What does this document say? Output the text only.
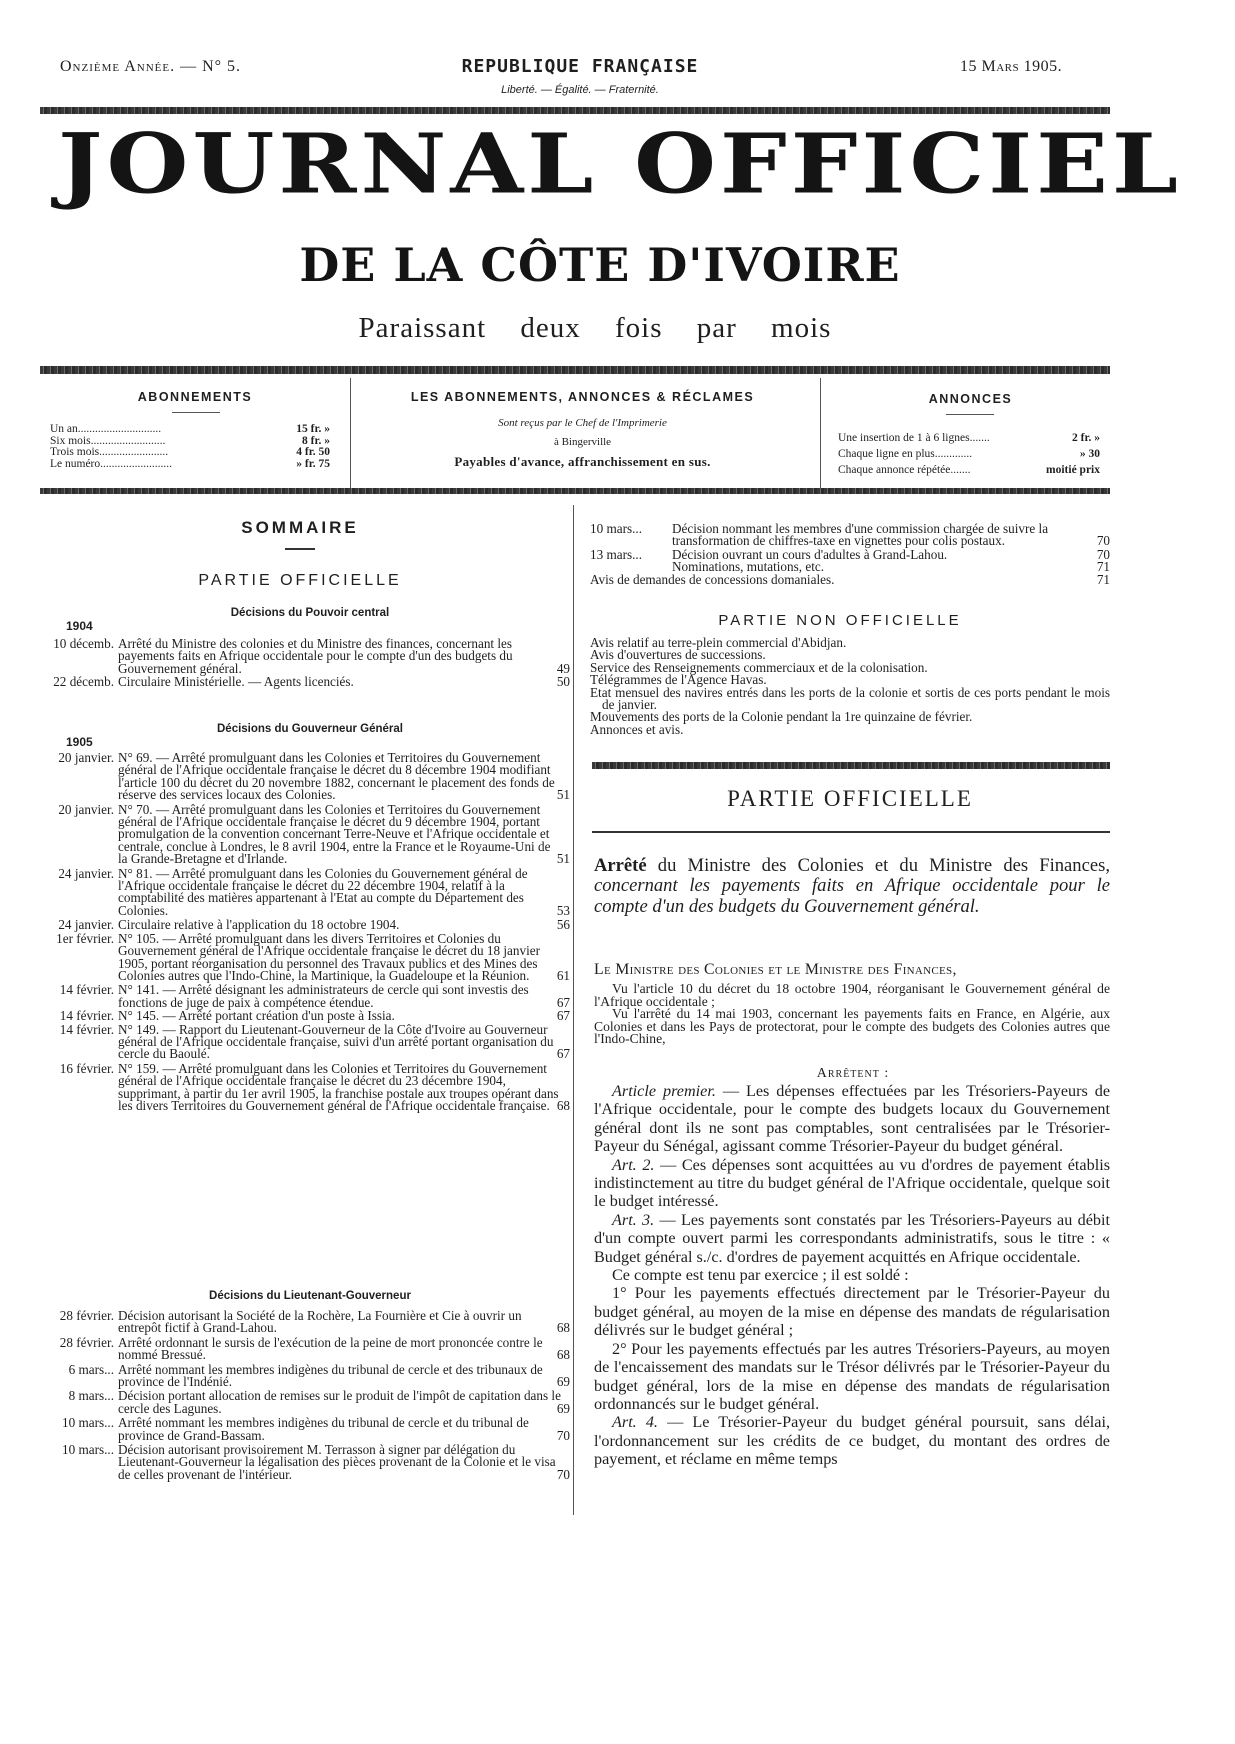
Onzième Année. — N° 5.	REPUBLIQUE FRANÇAISE
Liberté. — Égalité. — Fraternité.
15 Mars 1905.
JOURNAL OFFICIEL
DE LA CÔTE D'IVOIRE
Paraissant deux fois par mois
ABONNEMENTS
Un an.............................	15 fr. »
Six mois..........................	8 fr. »
Trois mois........................	4 fr. 50
Le numéro.........................	» fr. 75
LES ABONNEMENTS, ANNONCES & RÉCLAMES
Sont reçus par le Chef de l'Imprimerie
à Bingerville
Payables d'avance, affranchissement en sus.
ANNONCES
Une insertion de 1 à 6 lignes.......	2 fr. »
Chaque ligne en plus.............	» 30
Chaque annonce répétée.......	moitié prix
SOMMAIRE
PARTIE OFFICIELLE
Décisions du Pouvoir central
1904
10 décemb. Arrêté du Ministre des colonies et du Ministre des finances, concernant les payements faits en Afrique occidentale pour le compte d'un des budgets du Gouvernement général.	49
22 décemb. Circulaire Ministérielle. — Agents licenciés.	50
Décisions du Gouverneur Général
1905
20 janvier. N° 69. — Arrêté promulguant dans les Colonies et Territoires du Gouvernement général de l'Afrique occidentale française le décret du 8 décembre 1904 modifiant l'article 100 du décret du 20 novembre 1882, concernant le placement des fonds de réserve des services locaux des Colonies.	51
20 janvier. N° 70. — Arrêté promulguant dans les Colonies et Territoires du Gouvernement général de l'Afrique occidentale française le décret du 9 décembre 1904, portant promulgation de la convention concernant Terre-Neuve et l'Afrique occidentale et centrale, conclue à Londres, le 8 avril 1904, entre la France et le Royaume-Uni de la Grande-Bretagne et d'Irlande.	51
24 janvier. N° 81. — Arrêté promulguant dans les Colonies du Gouvernement général de l'Afrique occidentale française le décret du 22 décembre 1904, relatif à la comptabilité des matières appartenant à l'Etat au compte du Département des Colonies.	53
24 janvier. Circulaire relative à l'application du 18 octobre 1904.	56
1er février. N° 105. — Arrêté promulguant dans les divers Territoires et Colonies du Gouvernement général de l'Afrique occidentale française le décret du 18 janvier 1905, portant réorganisation du personnel des Travaux publics et des Mines des Colonies autres que l'Indo-Chine, la Martinique, la Guadeloupe et la Réunion.	61
14 février. N° 141. — Arrêté désignant les administrateurs de cercle qui sont investis des fonctions de juge de paix à compétence étendue.	67
14 février. N° 145. — Arrêté portant création d'un poste à Issia.	67
14 février. N° 149. — Rapport du Lieutenant-Gouverneur de la Côte d'Ivoire au Gouverneur général de l'Afrique occidentale française, suivi d'un arrêté portant organisation du cercle du Baoulé.	67
16 février. N° 159. — Arrêté promulguant dans les Colonies et Territoires du Gouvernement général de l'Afrique occidentale française le décret du 23 décembre 1904, supprimant, à partir du 1er avril 1905, la franchise postale aux troupes opérant dans les divers Territoires du Gouvernement général de l'Afrique occidentale française. 68
Décisions du Lieutenant-Gouverneur
28 février. Décision autorisant la Société de la Rochère, La Fournière et Cie à ouvrir un entrepôt fictif à Grand-Lahou.	68
28 février. Arrêté ordonnant le sursis de l'exécution de la peine de mort prononcée contre le nommé Bressué.	68
6 mars... Arrêté nommant les membres indigènes du tribunal de cercle et des tribunaux de province de l'Indénié.	69
8 mars... Décision portant allocation de remises sur le produit de l'impôt de capitation dans le cercle des Lagunes.	69
10 mars... Arrêté nommant les membres indigènes du tribunal de cercle et du tribunal de province de Grand-Bassam.	70
10 mars... Décision autorisant provisoirement M. Terrasson à signer par délégation du Lieutenant-Gouverneur la légalisation des pièces provenant de la Colonie et le visa de celles provenant de l'intérieur.	70
10 mars...	Décision nommant les membres d'une commission chargée de suivre la transformation de chiffres-taxe en vignettes pour colis postaux.	70
13 mars...	Décision ouvrant un cours d'adultes à Grand-Lahou.	70
Nominations, mutations, etc.	71
Avis de demandes de concessions domaniales.	71
PARTIE NON OFFICIELLE
Avis relatif au terre-plein commercial d'Abidjan.
Avis d'ouvertures de successions.
Service des Renseignements commerciaux et de la colonisation.
Télégrammes de l'Agence Havas.
Etat mensuel des navires entrés dans les ports de la colonie et sortis de ces ports pendant le mois de janvier.
Mouvements des ports de la Colonie pendant la 1re quinzaine de février.
Annonces et avis.
PARTIE OFFICIELLE
Arrêté du Ministre des Colonies et du Ministre des Finances, concernant les payements faits en Afrique occidentale pour le compte d'un des budgets du Gouvernement général.
Le Ministre des Colonies et le Ministre des Finances,

Vu l'article 10 du décret du 18 octobre 1904, réorganisant le Gouvernement général de l'Afrique occidentale ;

Vu l'arrêté du 14 mai 1903, concernant les payements faits en France, en Algérie, aux Colonies et dans les Pays de protectorat, pour le compte des budgets des Colonies autres que l'Indo-Chine,

Arrêtent :

Article premier. — Les dépenses effectuées par les Trésoriers-Payeurs de l'Afrique occidentale, pour le compte des budgets locaux du Gouvernement général dont ils ne sont pas comptables, sont centralisées par le Trésorier-Payeur du Sénégal, agissant comme Trésorier-Payeur du budget général.

Art. 2. — Ces dépenses sont acquittées au vu d'ordres de payement établis indistinctement au titre du budget général de l'Afrique occidentale, quelque soit le budget intéressé.

Art. 3. — Les payements sont constatés par les Trésoriers-Payeurs au débit d'un compte ouvert parmi les correspondants administratifs, sous le titre : « Budget général s./c. d'ordres de payement acquittés en Afrique occidentale.

Ce compte est tenu par exercice ; il est soldé :

1° Pour les payements effectués directement par le Trésorier-Payeur du budget général, au moyen de la mise en dépense des mandats de régularisation délivrés sur le budget général ;

2° Pour les payements effectués par les autres Trésoriers-Payeurs, au moyen de l'encaissement des mandats sur le Trésor délivrés par le Trésorier-Payeur du budget général, lors de la mise en dépense des mandats de régularisation ordonnancés sur le budget général.

Art. 4. — Le Trésorier-Payeur du budget général poursuit, sans délai, l'ordonnancement sur les crédits de ce budget, du montant des ordres de payement, et réclame en même temps
